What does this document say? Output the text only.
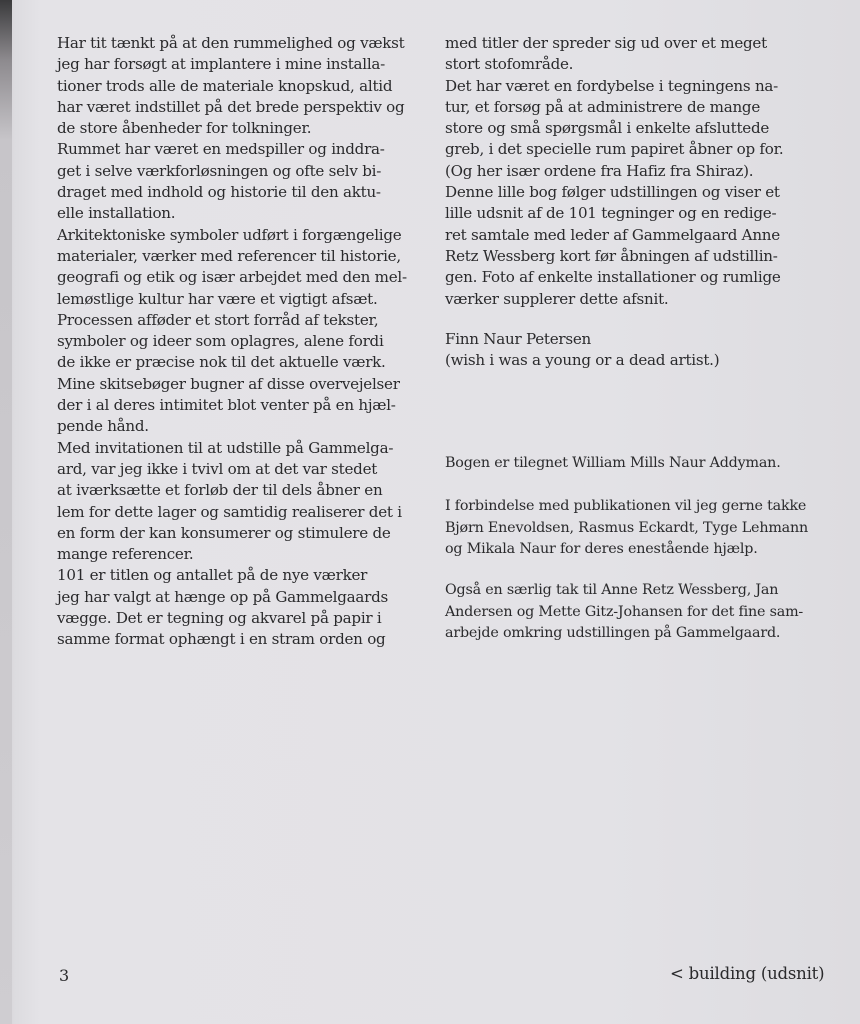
Har tit tænkt på at den rummelighed og vækst

jeg har forsøgt at implantere i mine installa-

tioner trods alle de materiale knopskud, altid

har været indstillet på det brede perspektiv og

de store åbenheder for tolkninger.

Rummet har været en medspiller og inddra-

get i selve værkforløsningen og ofte selv bi-

draget med indhold og historie til den aktu-

elle installation.

Arkitektoniske symboler udført i forgængelige

materialer, værker med referencer til historie,

geografi og etik og især arbejdet med den mel-

lemøstlige kultur har være et vigtigt afsæt.

Processen afføder et stort forråd af tekster,

symboler og ideer som oplagres, alene fordi

de ikke er præcise nok til det aktuelle værk.

Mine skitsebøger bugner af disse overvejelser

der i al deres intimitet blot venter på en hjæl-

pende hånd.

Med invitationen til at udstille på Gammelga-

ard, var jeg ikke i tvivl om at det var stedet

at iværksætte et forløb der til dels åbner en

lem for dette lager og samtidig realiserer det i

en form der kan konsumerer og stimulere de

mange referencer.

101 er titlen og antallet på de nye værker

jeg har valgt at hænge op på Gammelgaards

vægge. Det er tegning og akvarel på papir i

samme format ophængt i en stram orden og

med titler der spreder sig ud over et meget

stort stofområde.

Det har været en fordybelse i tegningens na-

tur, et forsøg på at administrere de mange

store og små spørgsmål i enkelte afsluttede

greb, i det specielle rum papiret åbner op for.

(Og her især ordene fra Hafiz fra Shiraz).

Denne lille bog følger udstillingen og viser et

lille udsnit af de 101 tegninger og en redige-

ret samtale med leder af Gammelgaard Anne

Retz Wessberg kort før åbningen af udstillin-

gen. Foto af enkelte installationer og rumlige

værker supplerer dette afsnit.

Finn Naur Petersen

(wish i was a young or a dead artist.)

Bogen er tilegnet William Mills Naur Addyman.

I forbindelse med publikationen vil jeg gerne takke

Bjørn Enevoldsen, Rasmus Eckardt, Tyge Lehmann

og Mikala Naur for deres enestående hjælp.

Også en særlig tak til Anne Retz Wessberg, Jan

Andersen og Mette Gitz-Johansen for det fine sam-

arbejde omkring udstillingen på Gammelgaard.

3	< building (udsnit)
